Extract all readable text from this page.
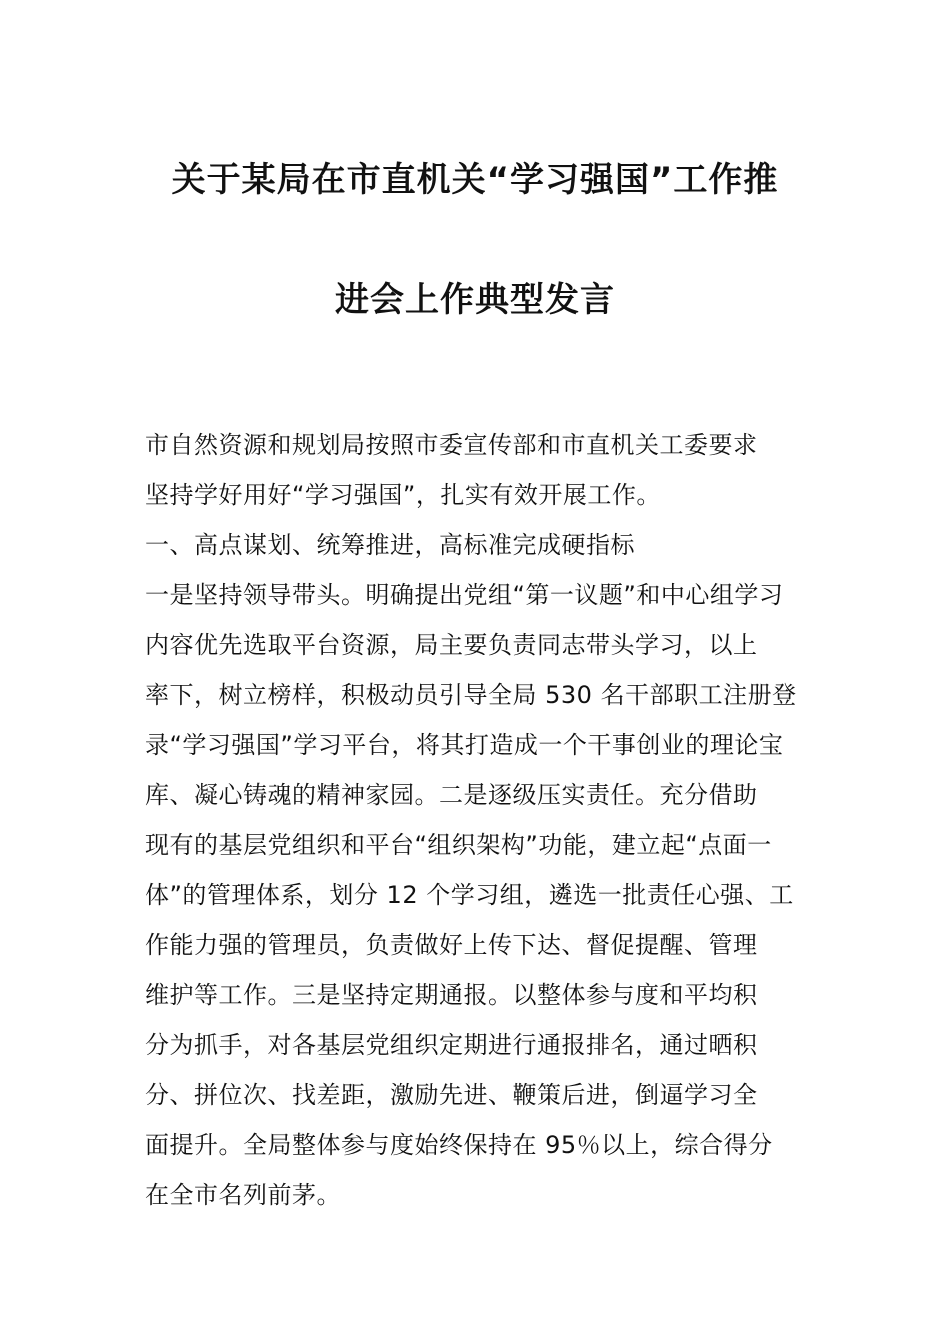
关于某局在市直机关“学习强国”工作推
进会上作典型发言
市自然资源和规划局按照市委宣传部和市直机关工委要求
坚持学好用好“学习强国”，扎实有效开展工作。
一、高点谋划、统筹推进，高标准完成硬指标
一是坚持领导带头。明确提出党组“第一议题”和中心组学习
内容优先选取平台资源，局主要负责同志带头学习，以上
率下，树立榜样，积极动员引导全局 530 名干部职工注册登
录“学习强国”学习平台，将其打造成一个干事创业的理论宝
库、凝心铸魂的精神家园。二是逐级压实责任。充分借助
现有的基层党组织和平台“组织架构”功能，建立起“点面一
体”的管理体系，划分 12 个学习组，遴选一批责任心强、工
作能力强的管理员，负责做好上传下达、督促提醒、管理
维护等工作。三是坚持定期通报。以整体参与度和平均积
分为抓手，对各基层党组织定期进行通报排名，通过晒积
分、拼位次、找差距，激励先进、鞭策后进，倒逼学习全
面提升。全局整体参与度始终保持在 95％以上，综合得分
在全市名列前茅。
